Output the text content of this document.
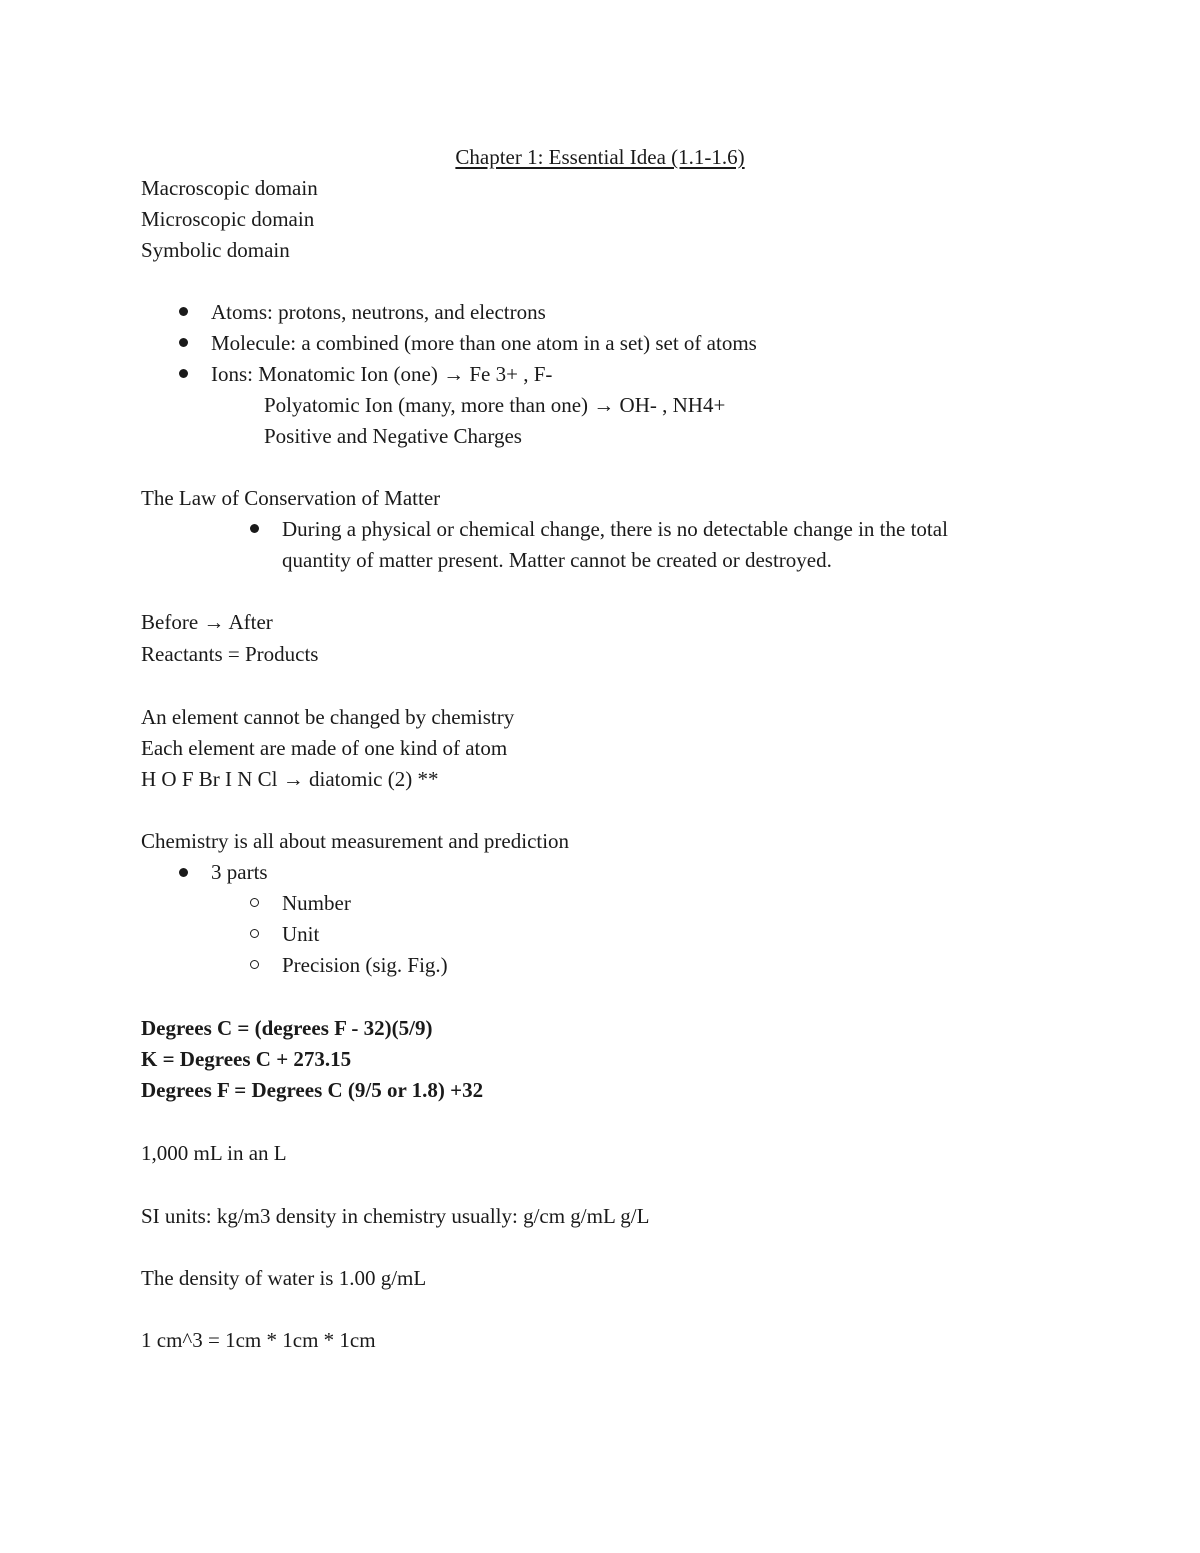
Chapter 1: Essential Idea (1.1-1.6)
Macroscopic domain
Microscopic domain
Symbolic domain
Atoms: protons, neutrons, and electrons
Molecule: a combined (more than one atom in a set) set of atoms
Ions: Monatomic Ion (one) → Fe 3+ , F-
Polyatomic Ion (many, more than one) → OH- , NH4+
Positive and Negative Charges
The Law of Conservation of Matter
During a physical or chemical change, there is no detectable change in the total
quantity of matter present. Matter cannot be created or destroyed.
Before → After
Reactants = Products
An element cannot be changed by chemistry
Each element are made of one kind of atom
H O F Br I N Cl → diatomic (2) **
Chemistry is all about measurement and prediction
3 parts
Number
Unit
Precision (sig. Fig.)
Degrees C = (degrees F - 32)(5/9)
K = Degrees C + 273.15
Degrees F = Degrees C (9/5 or 1.8) +32
1,000 mL in an L
SI units: kg/m3 density in chemistry usually: g/cm g/mL g/L
The density of water is 1.00 g/mL
1 cm^3 = 1cm * 1cm * 1cm
